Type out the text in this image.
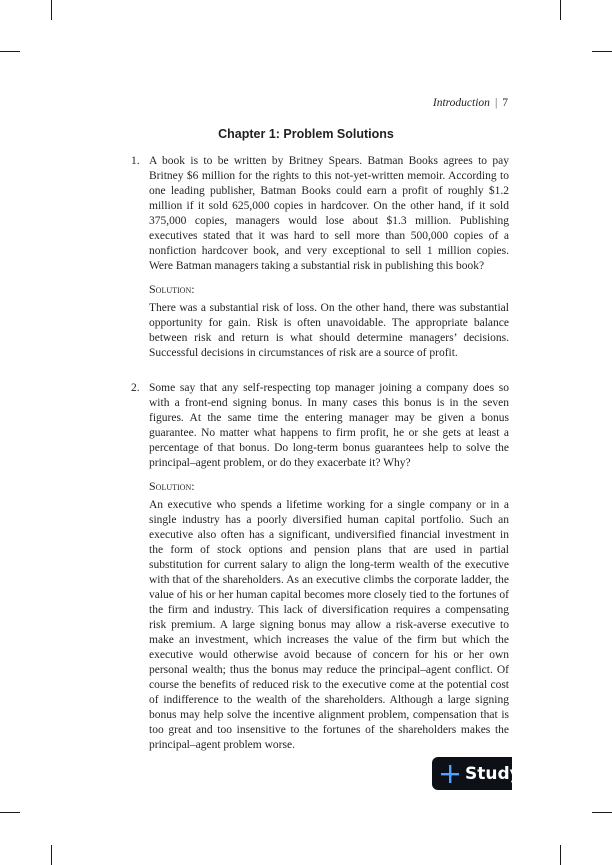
Introduction | 7
Chapter 1: Problem Solutions
1. A book is to be written by Britney Spears. Batman Books agrees to pay Britney $6 million for the rights to this not-yet-written memoir. According to one leading publisher, Batman Books could earn a profit of roughly $1.2 million if it sold 625,000 copies in hardcover. On the other hand, if it sold 375,000 copies, managers would lose about $1.3 million. Publishing executives stated that it was hard to sell more than 500,000 copies of a nonfiction hardcover book, and very exceptional to sell 1 million copies. Were Batman managers taking a substantial risk in publishing this book?

Solution:

There was a substantial risk of loss. On the other hand, there was substantial opportunity for gain. Risk is often unavoidable. The appropriate balance between risk and return is what should determine managers’ decisions. Successful decisions in circumstances of risk are a source of profit.

2. Some say that any self-respecting top manager joining a company does so with a front-end signing bonus. In many cases this bonus is in the seven figures. At the same time the entering manager may be given a bonus guarantee. No matter what happens to firm profit, he or she gets at least a percentage of that bonus. Do long-term bonus guarantees help to solve the principal–agent problem, or do they exacerbate it? Why?

Solution:

An executive who spends a lifetime working for a single company or in a single industry has a poorly diversified human capital portfolio. Such an executive also often has a significant, undiversified financial investment in the form of stock options and pension plans that are used in partial substitution for current salary to align the long-term wealth of the executive with that of the shareholders. As an executive climbs the corporate ladder, the value of his or her human capital becomes more closely tied to the fortunes of the firm and industry. This lack of diversification requires a compensating risk premium. A large signing bonus may allow a risk-averse executive to make an investment, which increases the value of the firm but which the executive would otherwise avoid because of concern for his or her own personal wealth; thus the bonus may reduce the principal–agent conflict. Of course the benefits of reduced risk to the executive come at the potential cost of indifference to the wealth of the shareholders. Although a large signing bonus may help solve the incentive alignment problem, compensation that is too great and too insensitive to the fortunes of the shareholders makes the principal–agent problem worse.

Study
